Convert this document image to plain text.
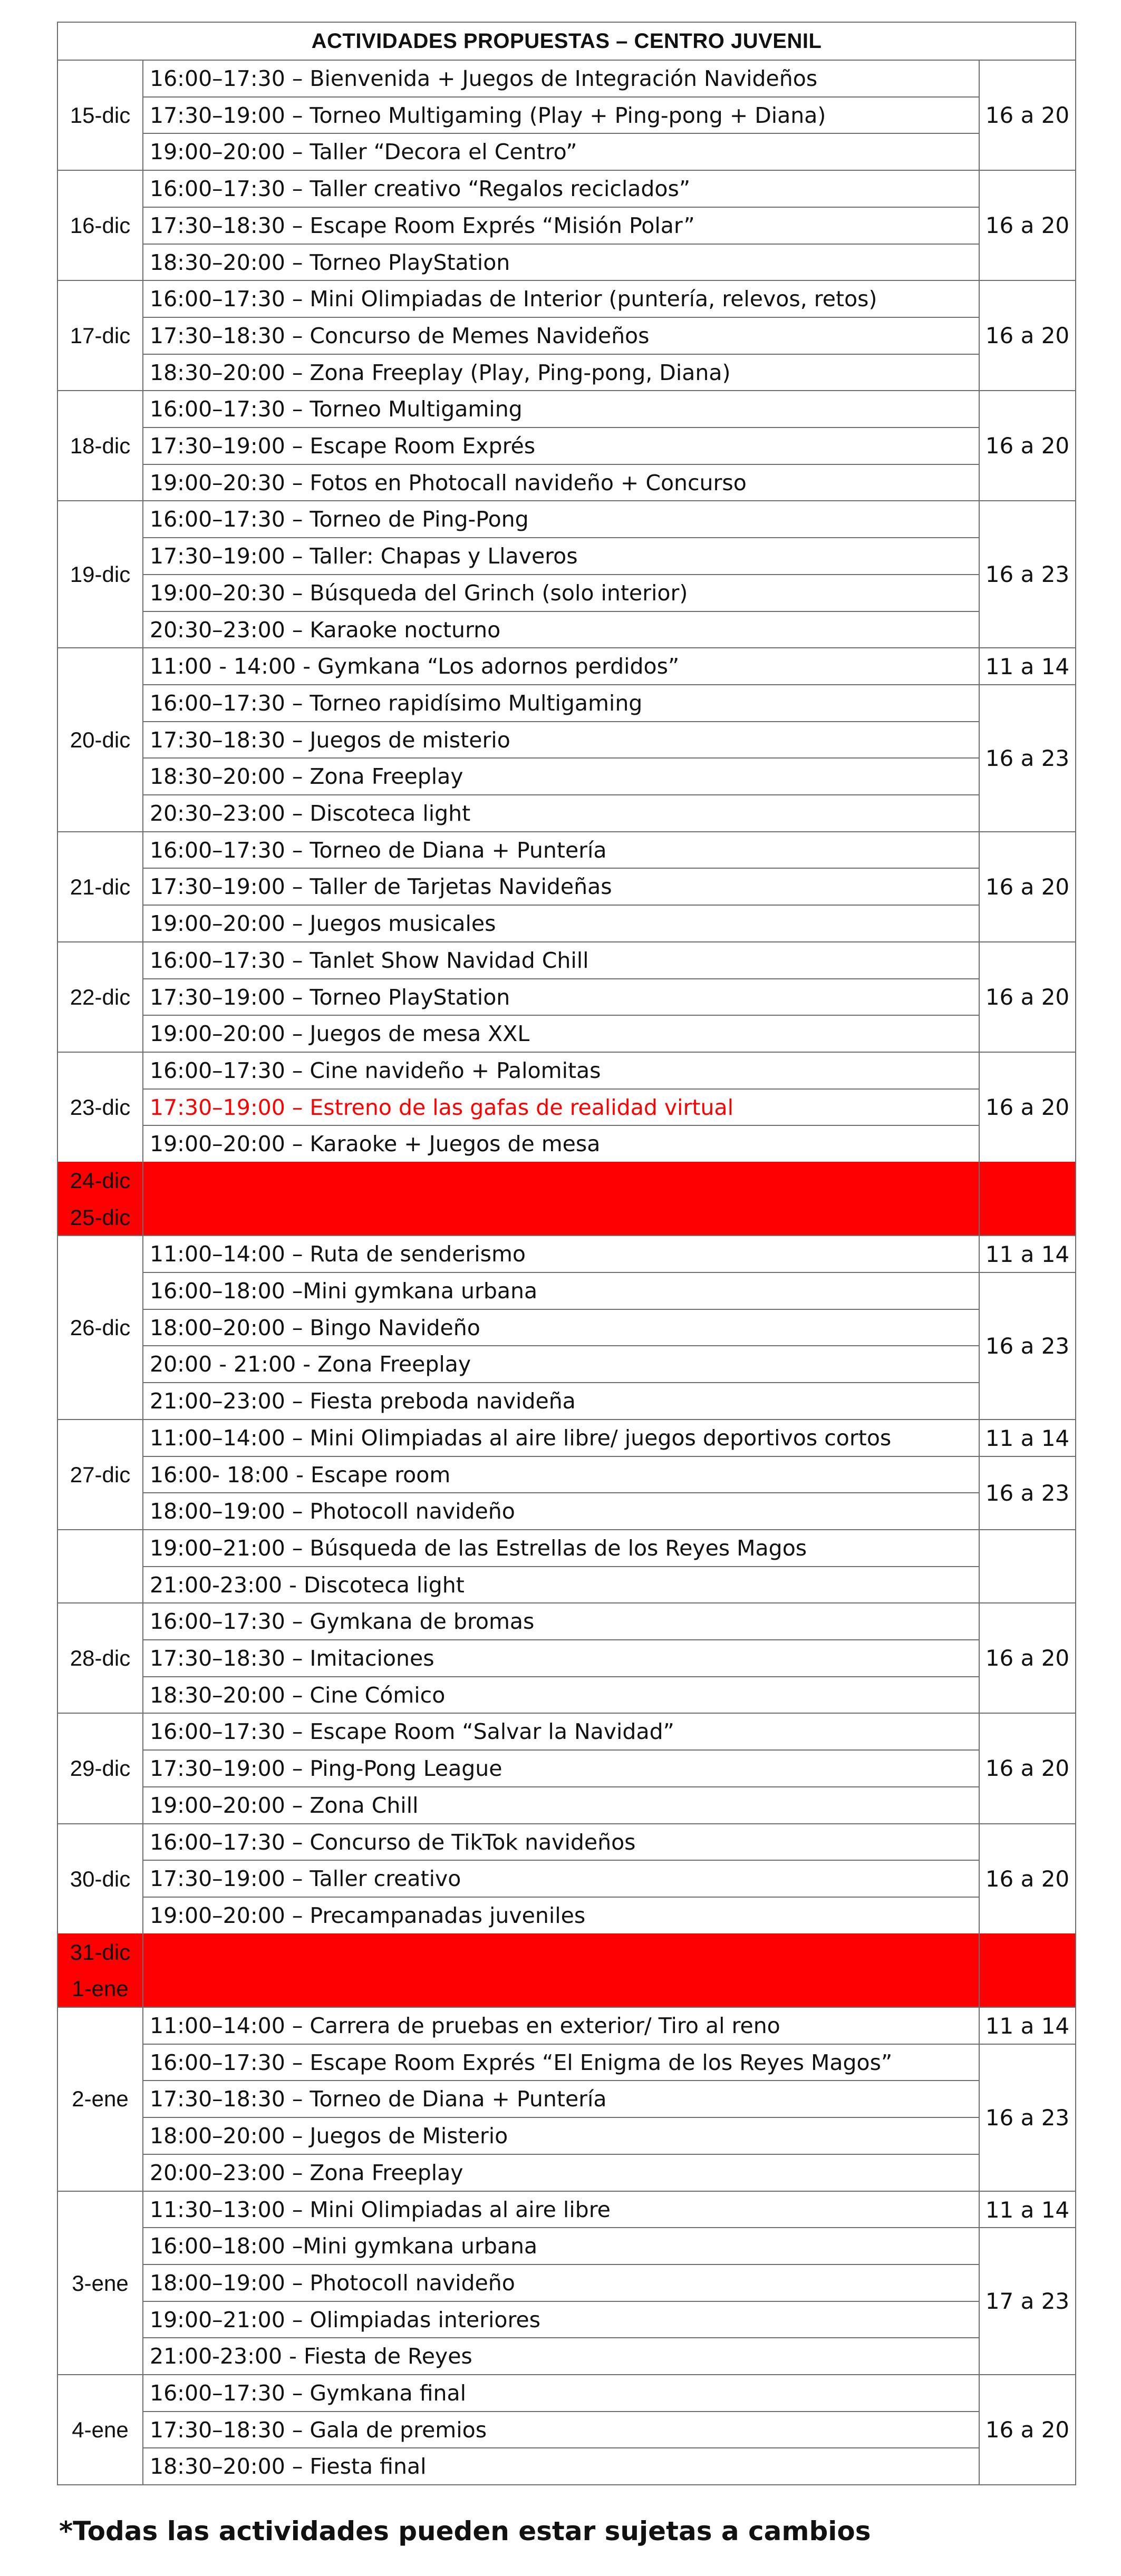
ACTIVIDADES PROPUESTAS – CENTRO JUVENIL
15-dic
16:00–17:30 – Bienvenida + Juegos de Integración Navideños
17:30–19:00 – Torneo Multigaming (Play + Ping-pong + Diana)
19:00–20:00 – Taller “Decora el Centro”
16 a 20
16-dic
16:00–17:30 – Taller creativo “Regalos reciclados”
17:30–18:30 – Escape Room Exprés “Misión Polar”
18:30–20:00 – Torneo PlayStation
16 a 20
17-dic
16:00–17:30 – Mini Olimpiadas de Interior (puntería, relevos, retos)
17:30–18:30 – Concurso de Memes Navideños
18:30–20:00 – Zona Freeplay (Play, Ping-pong, Diana)
16 a 20
18-dic
16:00–17:30 – Torneo Multigaming
17:30–19:00 – Escape Room Exprés
19:00–20:30 – Fotos en Photocall navideño + Concurso
16 a 20
19-dic
16:00–17:30 – Torneo de Ping-Pong
17:30–19:00 – Taller: Chapas y Llaveros
19:00–20:30 – Búsqueda del Grinch (solo interior)
20:30–23:00 – Karaoke nocturno
16 a 23
20-dic
11:00 - 14:00 - Gymkana “Los adornos perdidos”
16:00–17:30 – Torneo rapidísimo Multigaming
17:30–18:30 – Juegos de misterio
18:30–20:00 – Zona Freeplay
20:30–23:00 – Discoteca light
11 a 14
16 a 23
21-dic
16:00–17:30 – Torneo de Diana + Puntería
17:30–19:00 – Taller de Tarjetas Navideñas
19:00–20:00 – Juegos musicales
16 a 20
22-dic
16:00–17:30 – Tanlet Show Navidad Chill
17:30–19:00 – Torneo PlayStation
19:00–20:00 – Juegos de mesa XXL
16 a 20
23-dic
16:00–17:30 – Cine navideño + Palomitas
17:30–19:00 – Estreno de las gafas de realidad virtual
19:00–20:00 – Karaoke + Juegos de mesa
16 a 20
24-dic
25-dic
26-dic
11:00–14:00 – Ruta de senderismo
16:00–18:00 –Mini gymkana urbana
18:00–20:00 – Bingo Navideño
20:00 - 21:00 - Zona Freeplay
21:00–23:00 – Fiesta preboda navideña
11 a 14
16 a 23
27-dic
11:00–14:00 – Mini Olimpiadas al aire libre/ juegos deportivos cortos
16:00- 18:00 - Escape room
18:00–19:00 – Photocoll navideño
11 a 14
16 a 23
19:00–21:00 – Búsqueda de las Estrellas de los Reyes Magos
21:00-23:00 - Discoteca light
28-dic
16:00–17:30 – Gymkana de bromas
17:30–18:30 – Imitaciones
18:30–20:00 – Cine Cómico
16 a 20
29-dic
16:00–17:30 – Escape Room “Salvar la Navidad”
17:30–19:00 – Ping-Pong League
19:00–20:00 – Zona Chill
16 a 20
30-dic
16:00–17:30 – Concurso de TikTok navideños
17:30–19:00 – Taller creativo
19:00–20:00 – Precampanadas juveniles
16 a 20
31-dic
1-ene
2-ene
11:00–14:00 – Carrera de pruebas en exterior/ Tiro al reno
16:00–17:30 – Escape Room Exprés “El Enigma de los Reyes Magos”
17:30–18:30 – Torneo de Diana + Puntería
18:00–20:00 – Juegos de Misterio
20:00–23:00 – Zona Freeplay
11 a 14
16 a 23
3-ene
11:30–13:00 – Mini Olimpiadas al aire libre
16:00–18:00 –Mini gymkana urbana
18:00–19:00 – Photocoll navideño
19:00–21:00 – Olimpiadas interiores
21:00-23:00 - Fiesta de Reyes
11 a 14
17 a 23
4-ene
16:00–17:30 – Gymkana final
17:30–18:30 – Gala de premios
18:30–20:00 – Fiesta final
16 a 20
*Todas las actividades pueden estar sujetas a cambios
